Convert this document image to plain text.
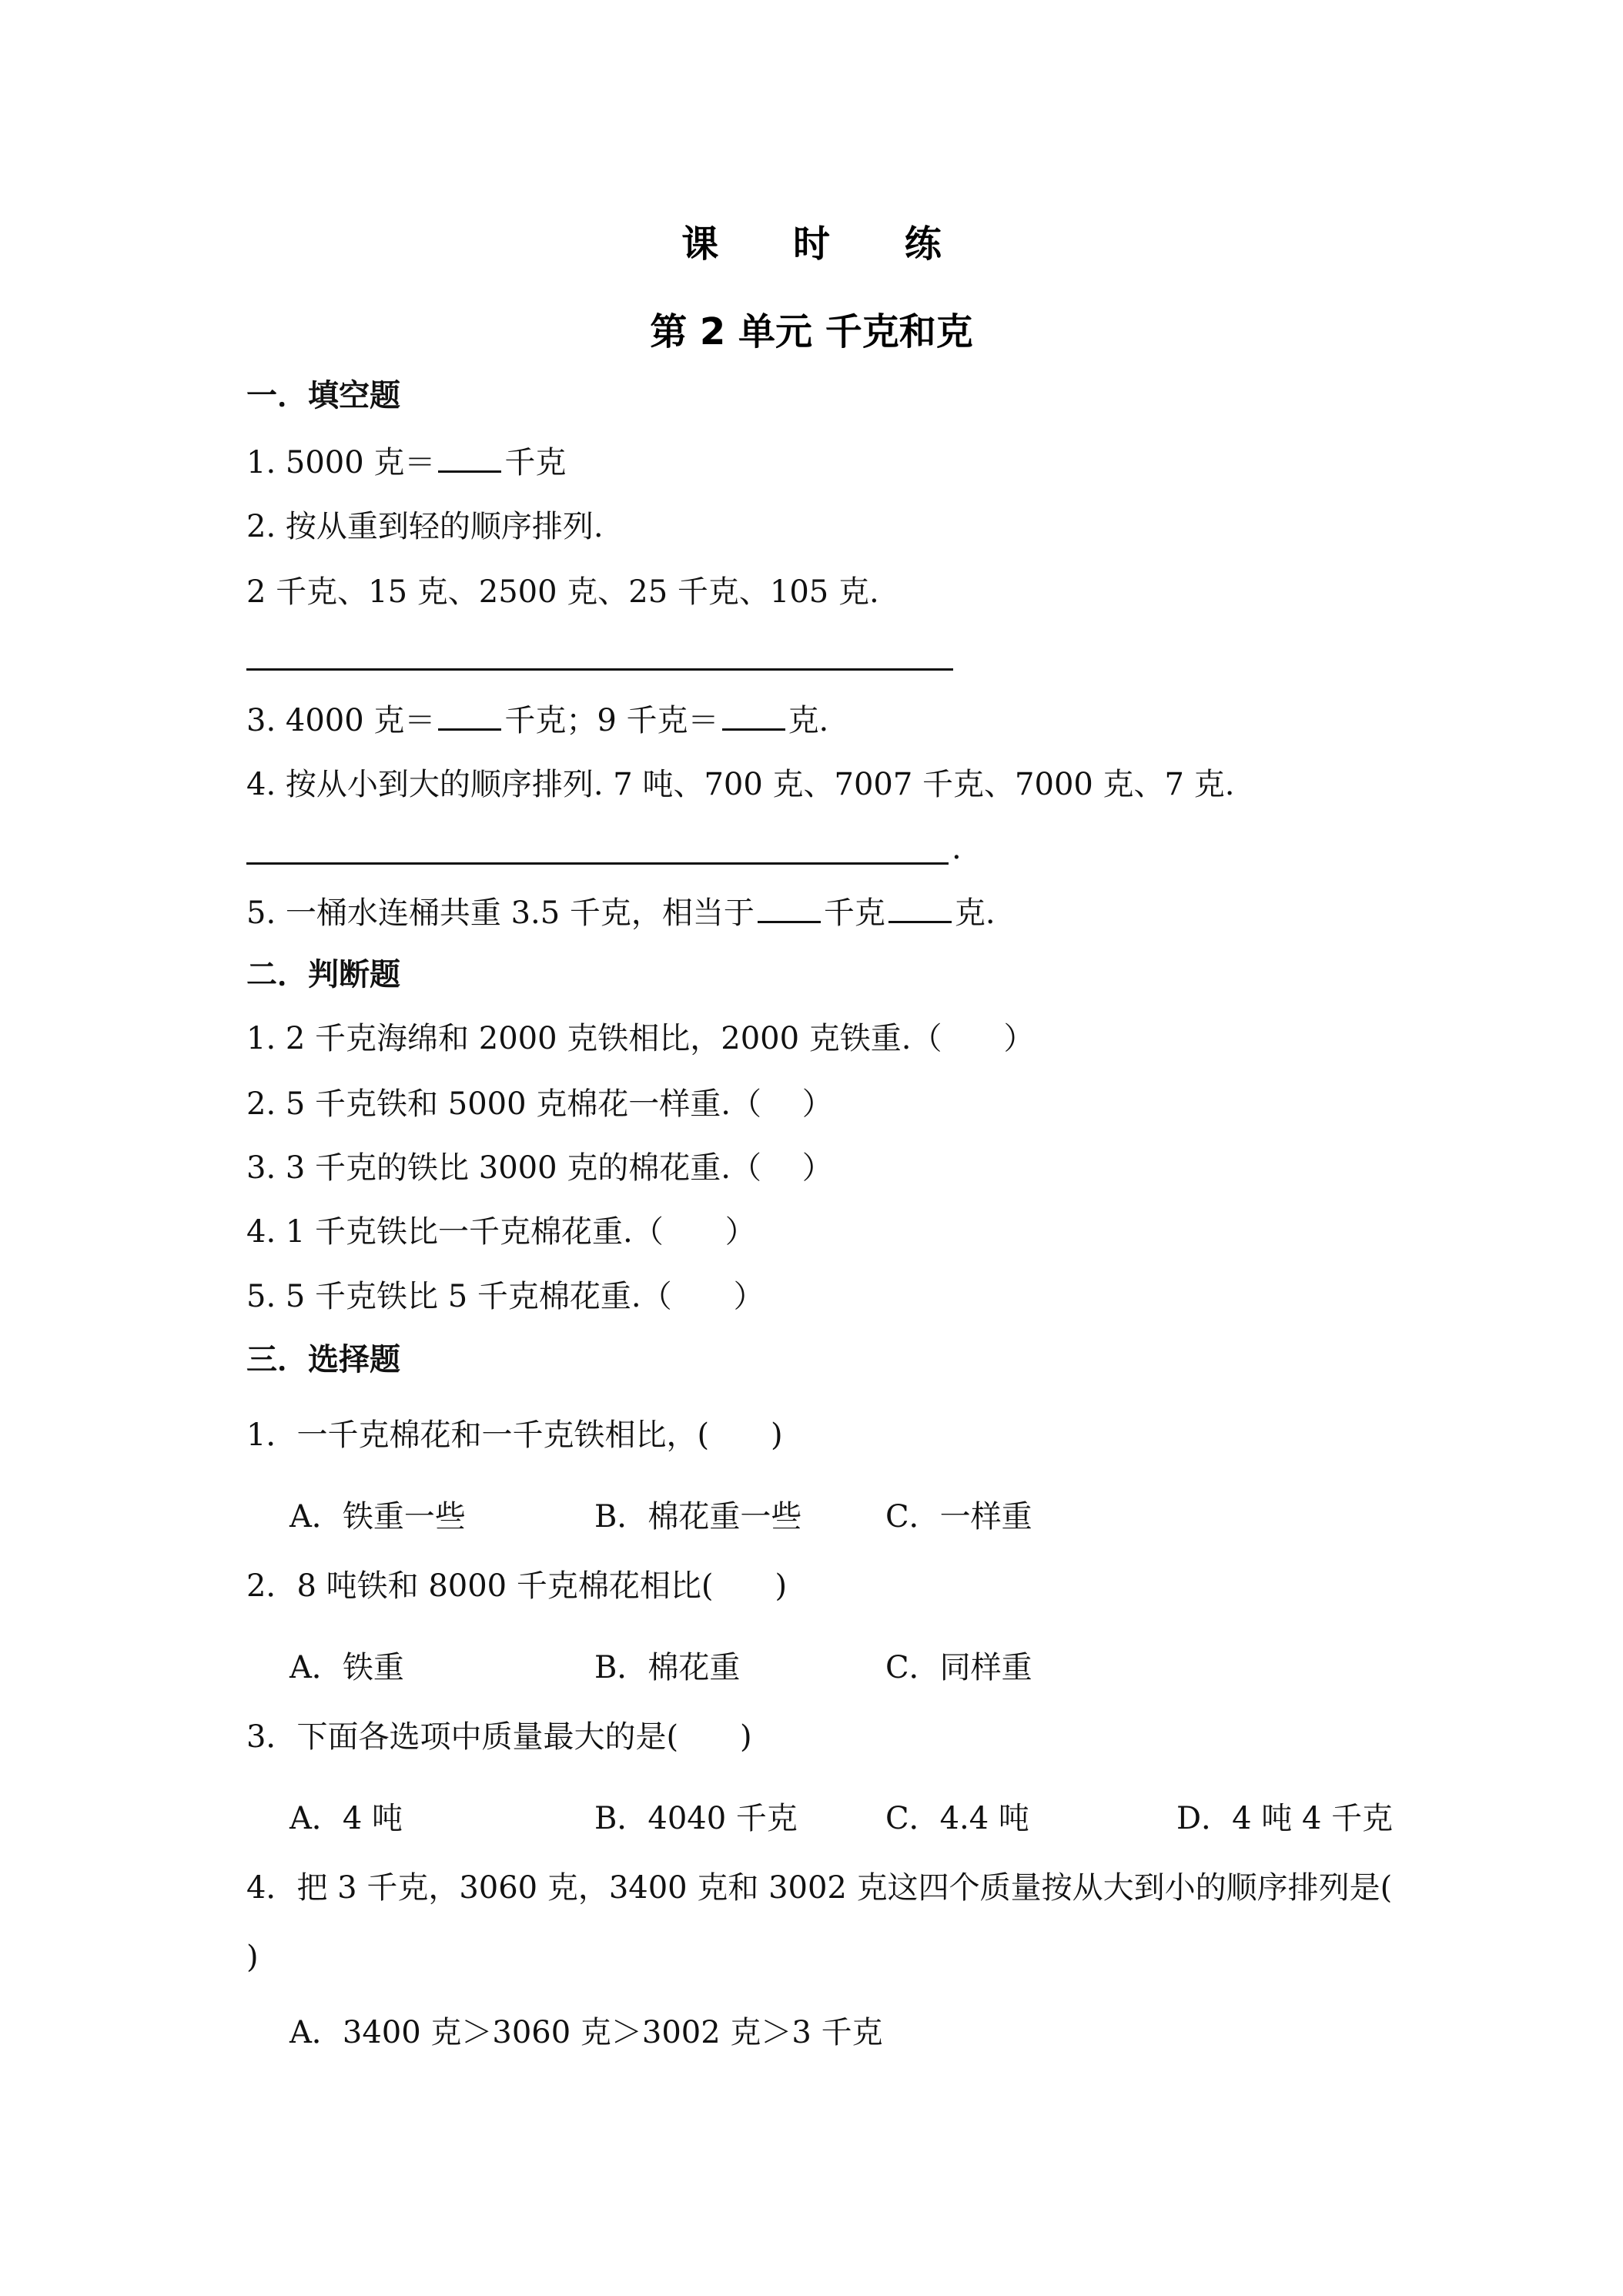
课 时 练
第 2 单元 千克和克
一．填空题
1. 5000 克＝ 千克
2. 按从重到轻的顺序排列.
2 千克、15 克、2500 克、25 千克、105 克.
3. 4000 克＝ 千克；9 千克＝ 克.
4. 按从小到大的顺序排列. 7 吨、700 克、7007 千克、7000 克、7 克.
.
5. 一桶水连桶共重 3.5 千克，相当于 千克 克.
二．判断题
1. 2 千克海绵和 2000 克铁相比，2000 克铁重.（　　）
2. 5 千克铁和 5000 克棉花一样重.（　 ）
3. 3 千克的铁比 3000 克的棉花重.（　 ）
4. 1 千克铁比一千克棉花重.（　　）
5. 5 千克铁比 5 千克棉花重.（　　）
三．选择题
1．一千克棉花和一千克铁相比，(　　)
A．铁重一些	B．棉花重一些	C．一样重
2．8 吨铁和 8000 千克棉花相比(　　)
A．铁重	B．棉花重	C．同样重
3．下面各选项中质量最大的是(　　)
A．4 吨	B．4040 千克	C．4.4 吨	D．4 吨 4 千克
4．把 3 千克，3060 克，3400 克和 3002 克这四个质量按从大到小的顺序排列是(
)
A．3400 克＞3060 克＞3002 克＞3 千克
